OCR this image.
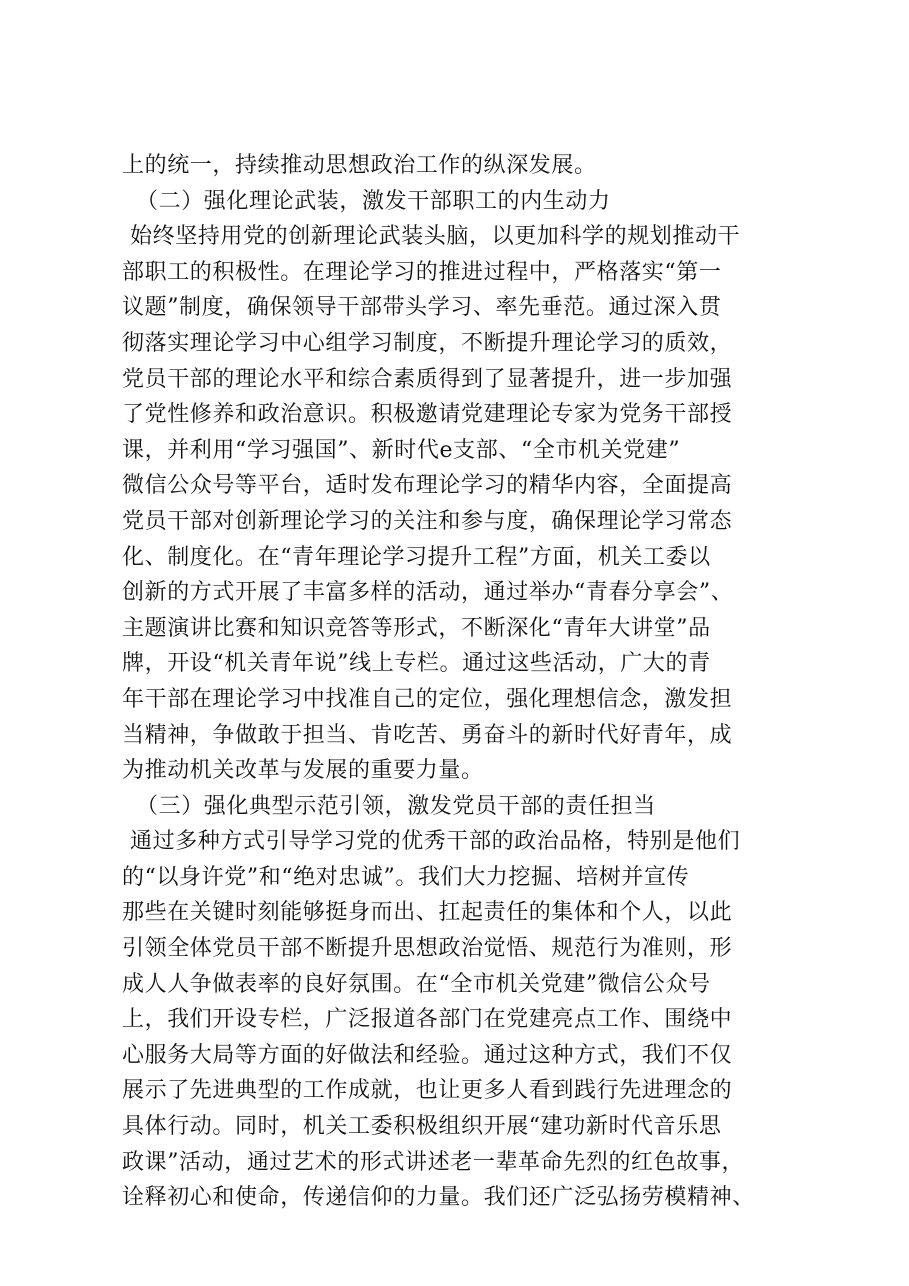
上的统一，持续推动思想政治工作的纵深发展。
（二）强化理论武装，激发干部职工的内生动力
始终坚持用党的创新理论武装头脑，以更加科学的规划推动干
部职工的积极性。在理论学习的推进过程中，严格落实“第一
议题”制度，确保领导干部带头学习、率先垂范。通过深入贯
彻落实理论学习中心组学习制度，不断提升理论学习的质效，
党员干部的理论水平和综合素质得到了显著提升，进一步加强
了党性修养和政治意识。积极邀请党建理论专家为党务干部授
课，并利用“学习强国”、新时代e支部、“全市机关党建”
微信公众号等平台，适时发布理论学习的精华内容，全面提高
党员干部对创新理论学习的关注和参与度，确保理论学习常态
化、制度化。在“青年理论学习提升工程”方面，机关工委以
创新的方式开展了丰富多样的活动，通过举办“青春分享会”、
主题演讲比赛和知识竞答等形式，不断深化“青年大讲堂”品
牌，开设“机关青年说”线上专栏。通过这些活动，广大的青
年干部在理论学习中找准自己的定位，强化理想信念，激发担
当精神，争做敢于担当、肯吃苦、勇奋斗的新时代好青年，成
为推动机关改革与发展的重要力量。
（三）强化典型示范引领，激发党员干部的责任担当
通过多种方式引导学习党的优秀干部的政治品格，特别是他们
的“以身许党”和“绝对忠诚”。我们大力挖掘、培树并宣传
那些在关键时刻能够挺身而出、扛起责任的集体和个人，以此
引领全体党员干部不断提升思想政治觉悟、规范行为准则，形
成人人争做表率的良好氛围。在“全市机关党建”微信公众号
上，我们开设专栏，广泛报道各部门在党建亮点工作、围绕中
心服务大局等方面的好做法和经验。通过这种方式，我们不仅
展示了先进典型的工作成就，也让更多人看到践行先进理念的
具体行动。同时，机关工委积极组织开展“建功新时代音乐思
政课”活动，通过艺术的形式讲述老一辈革命先烈的红色故事，
诠释初心和使命，传递信仰的力量。我们还广泛弘扬劳模精神、
